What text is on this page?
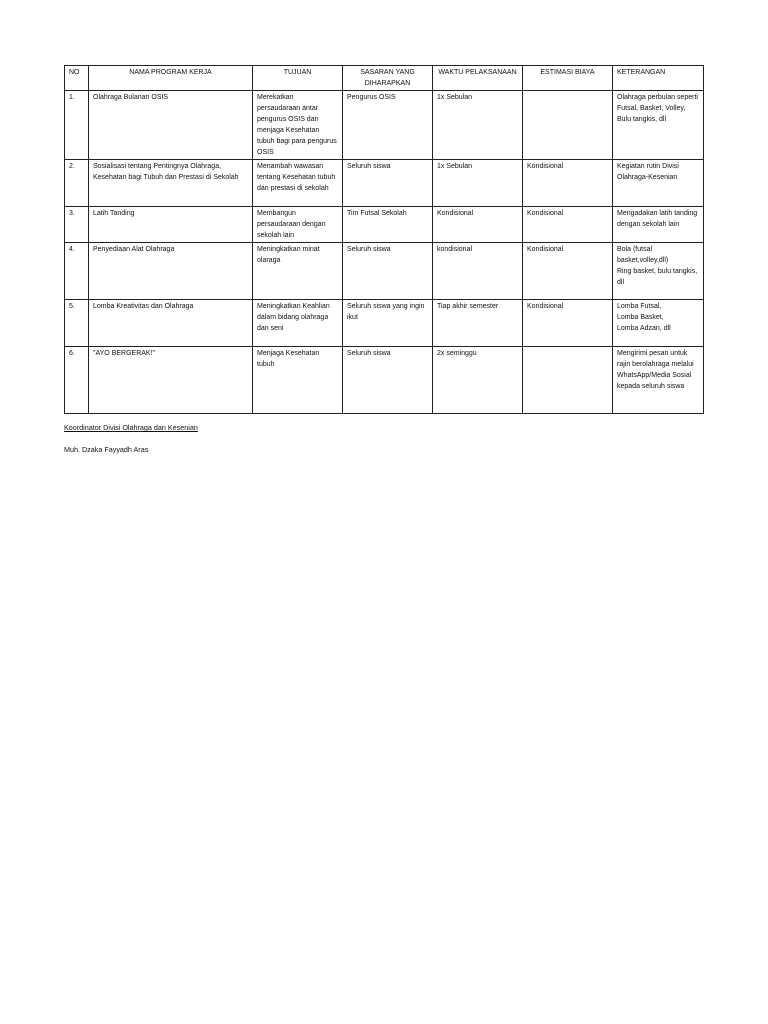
NO	NAMA PROGRAM KERJA	TUJUAN	SASARAN YANG DIHARAPKAN	WAKTU PELAKSANAAN	ESTIMASI BIAYA	KETERANGAN
1.	Olahraga Bulanan OSIS	Merekatkan persaudaraan antar pengurus OSIS dan menjaga Kesehatan tubuh bagi para pengurus OSIS	Pengurus OSIS	1x Sebulan		Olahraga perbulan seperti Futsal, Basket, Volley, Bulu tangkis, dll
2.	Sosialisasi tentang Pentingnya Olahraga, Kesehatan bagi Tubuh dan Prestasi di Sekolah	Menambah wawasan tentang Kesehatan tubuh dan prestasi di sekolah	Seluruh siswa	1x Sebulan	Kondisional	Kegiatan rutin Divisi Olahraga-Kesenian
3.	Latih Tanding	Membangun persaudaraan dengan sekolah lain	Tim Futsal Sekolah	Kondisional	Kondisional	Mengadakan latih tanding dengan sekolah lain
4.	Penyediaan Alat Olahraga	Meningkatkan minat olaraga	Seluruh siswa	kondisional	Kondisional	Bola (futsal basket,volley,dll)
Ring basket, bulu tangkis, dll

5.	Lomba Kreativitas dan Olahraga	Meningkatkan Keahlian dalam bidang olahraga dan seni	Seluruh siswa yang ingin ikut	Tiap akhir semester	Kondisional	Lomba Futsal,
Lomba Basket,
Lomba Adzan, dll

6.	"AYO BERGERAK!"	Menjaga Kesehatan tubuh	Seluruh siswa	2x seminggu		Mengirimi pesan untuk rajin berolahraga melalui WhatsApp/Media Sosial kepada seluruh siswa
Koordinator Divisi Olahraga dan Kesenian
Muh. Dzaka Fayyadh Aras
